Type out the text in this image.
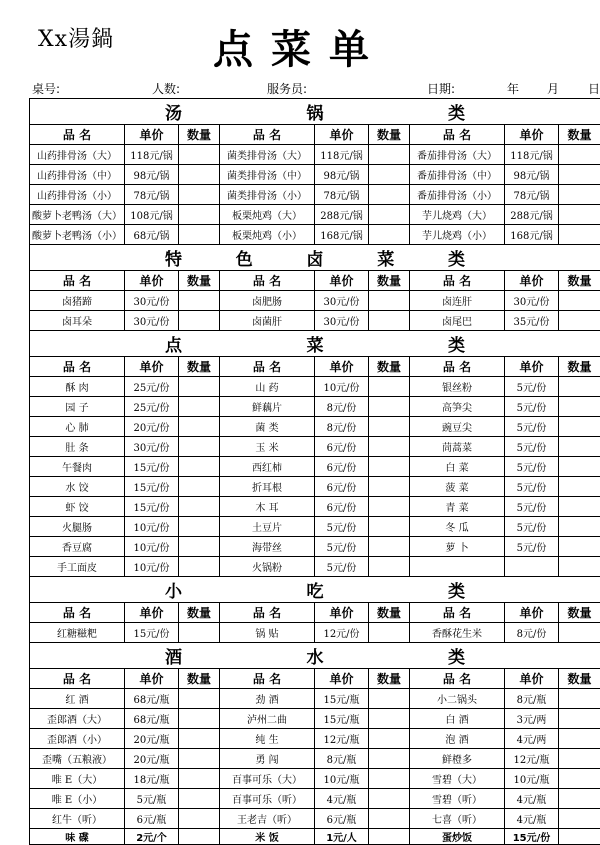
Xx湯鍋	点菜单
桌号:	人数:	服务员:	日期:	年 月 日
汤锅类								
品 名	单价	数量	品 名	单价	数量	品 名	单价	数量
山药排骨汤（大）	118元/锅		菌类排骨汤（大）	118元/锅		番茄排骨汤（大）	118元/锅	
山药排骨汤（中）	98元/锅		菌类排骨汤（中）	98元/锅		番茄排骨汤（中）	98元/锅	
山药排骨汤（小）	78元/锅		菌类排骨汤（小）	78元/锅		番茄排骨汤（小）	78元/锅	
酸萝卜老鸭汤（大）	108元/锅		板栗炖鸡（大）	288元/锅		芋儿烧鸡（大）	288元/锅	
酸萝卜老鸭汤（小）	68元/锅		板栗炖鸡（小）	168元/锅		芋儿烧鸡（小）	168元/锅	
特色卤菜类								
品 名	单价	数量	品 名	单价	数量	品 名	单价	数量
卤猪蹄	30元/份		卤肥肠	30元/份		卤连肝	30元/份	
卤耳朵	30元/份		卤菌肝	30元/份		卤尾巴	35元/份	
点菜类								
品 名	单价	数量	品 名	单价	数量	品 名	单价	数量
酥 肉	25元/份		山 药	10元/份		银丝粉	5元/份	
园 子	25元/份		鲜藕片	8元/份		高笋尖	5元/份	
心 肺	20元/份		菌 类	8元/份		豌豆尖	5元/份	
肚 条	30元/份		玉 米	6元/份		茼蒿菜	5元/份	
午餐肉	15元/份		西红柿	6元/份		白 菜	5元/份	
水 饺	15元/份		折耳根	6元/份		菠 菜	5元/份	
虾 饺	15元/份		木 耳	6元/份		青 菜	5元/份	
火腿肠	10元/份		土豆片	5元/份		冬 瓜	5元/份	
香豆腐	10元/份		海带丝	5元/份		萝 卜	5元/份	
手工面皮	10元/份		火锅粉	5元/份				
小吃类								
品 名	单价	数量	品 名	单价	数量	品 名	单价	数量
红糖糍粑	15元/份		锅 贴	12元/份		香酥花生米	8元/份	
酒水类								
品 名	单价	数量	品 名	单价	数量	品 名	单价	数量
红 酒	68元/瓶		劲 酒	15元/瓶		小二锅头	8元/瓶	
歪郎酒（大）	68元/瓶		泸州二曲	15元/瓶		白 酒	3元/两	
歪郎酒（小）	20元/瓶		纯 生	12元/瓶		泡 酒	4元/两	
歪嘴（五粮液）	20元/瓶		勇 闯	8元/瓶		鲜橙多	12元/瓶	
唯 E（大）	18元/瓶		百事可乐（大）	10元/瓶		雪碧（大）	10元/瓶	
唯 E（小）	5元/瓶		百事可乐（听）	4元/瓶		雪碧（听）	4元/瓶	
红牛（听）	6元/瓶		王老吉（听）	6元/瓶		七喜（听）	4元/瓶	
味 碟	2元/个		米 饭	1元/人		蛋炒饭	15元/份	
